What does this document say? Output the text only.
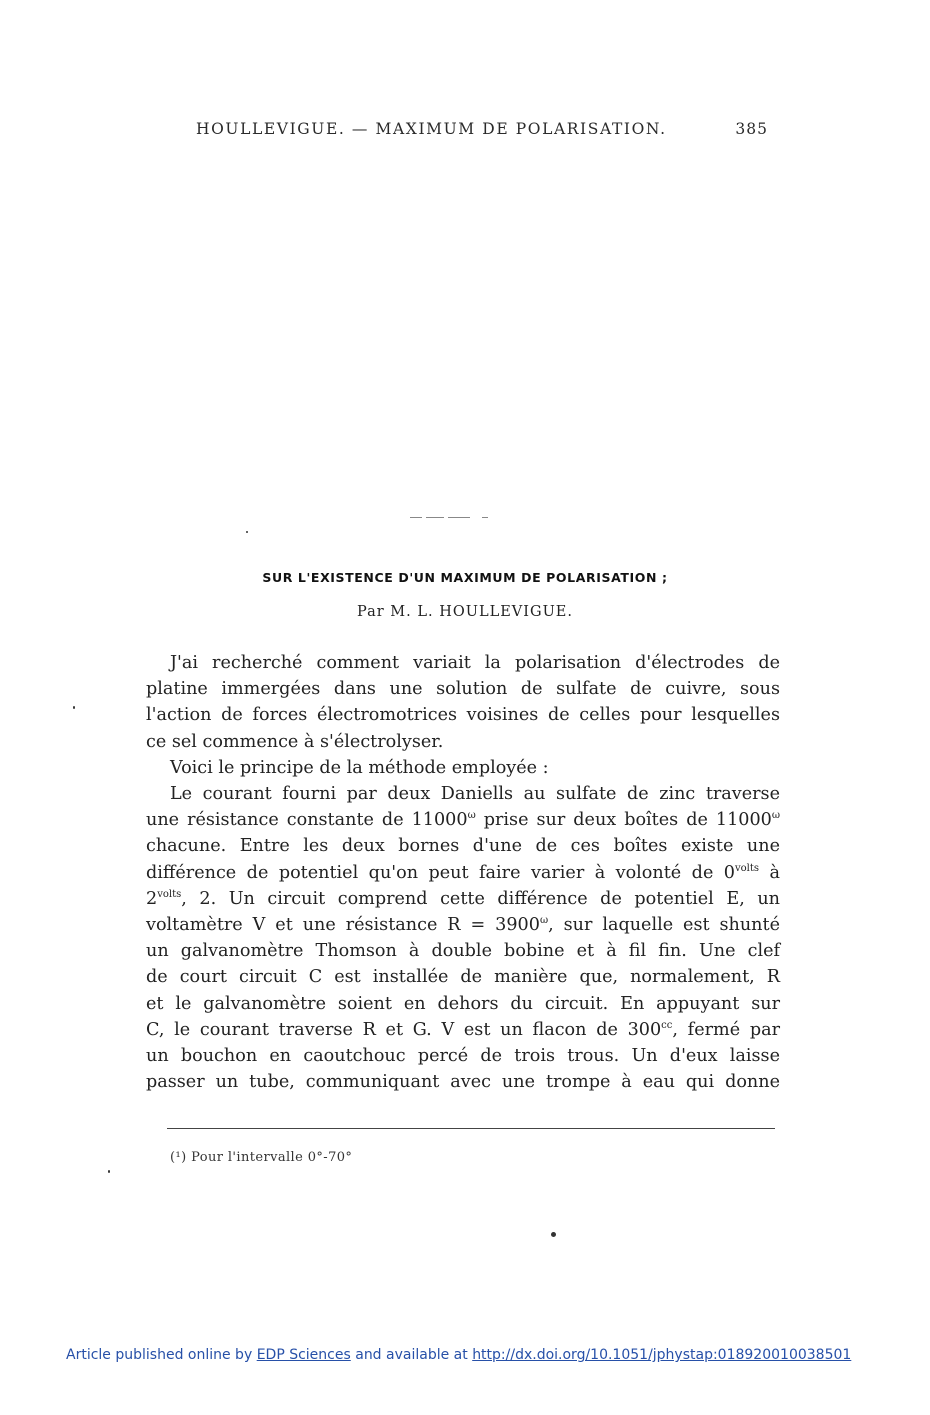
HOULLEVIGUE. — MAXIMUM DE POLARISATION.	385
SUR L'EXISTENCE D'UN MAXIMUM DE POLARISATION ;
Par M. L. HOULLEVIGUE.
J'ai recherché comment variait la polarisation d'électrodes de
platine immergées dans une solution de sulfate de cuivre, sous
l'action de forces électromotrices voisines de celles pour lesquelles
ce sel commence à s'électrolyser.
Voici le principe de la méthode employée :
Le courant fourni par deux Daniells au sulfate de zinc traverse
une résistance constante de $11000^\omega$ prise sur deux boîtes de $11000^\omega$
chacune. Entre les deux bornes d'une de ces boîtes existe une
différence de potentiel qu'on peut faire varier à volonté de $0^{volts}$ à
$2^{volts}$, 2. Un circuit comprend cette différence de potentiel E, un
voltamètre V et une résistance $R = 3900^\omega$, sur laquelle est shunté
un galvanomètre Thomson à double bobine et à fil fin. Une clef
de court circuit C est installée de manière que, normalement, R
et le galvanomètre soient en dehors du circuit. En appuyant sur
C, le courant traverse R et G. V est un flacon de $300^{cc}$, fermé par
un bouchon en caoutchouc percé de trois trous. Un d'eux laisse
passer un tube, communiquant avec une trompe à eau qui donne
(¹) Pour l'intervalle 0°-70°
Article published online by EDP Sciences and available at http://dx.doi.org/10.1051/jphystap:018920010038501
